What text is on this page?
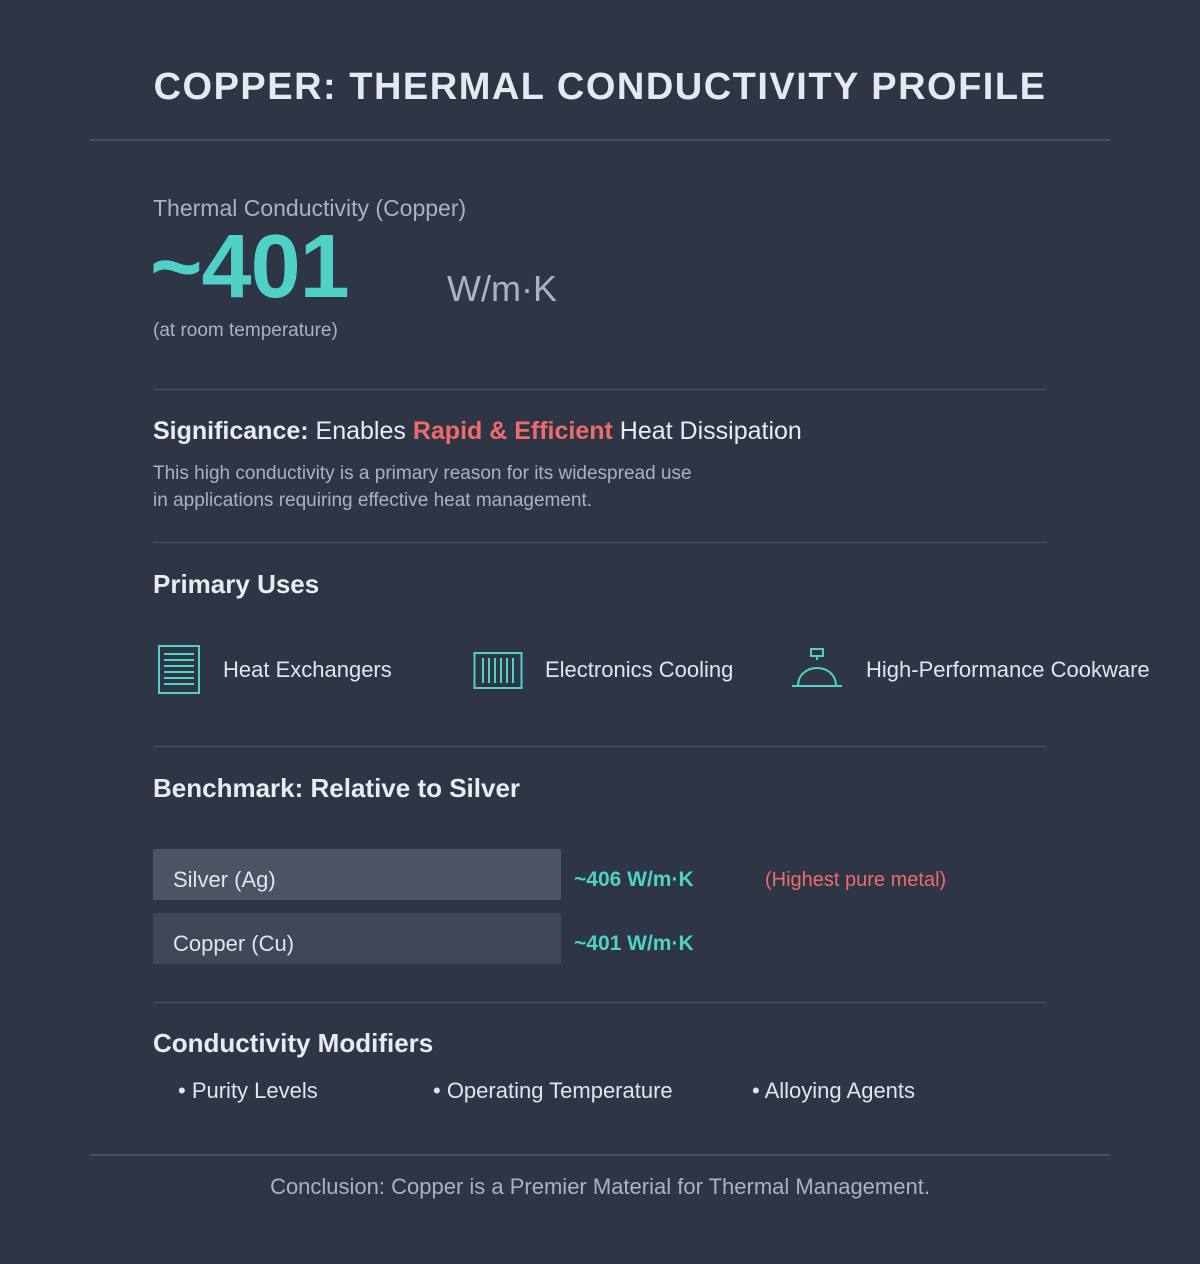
COPPER: THERMAL CONDUCTIVITY PROFILE
Thermal Conductivity (Copper)
~401	W/m·K
(at room temperature)
Significance: Enables Rapid & Efficient Heat Dissipation
This high conductivity is a primary reason for its widespread use
in applications requiring effective heat management.
Primary Uses
Heat Exchangers	Electronics Cooling	High-Performance Cookware
Benchmark: Relative to Silver
Silver (Ag)	~406 W/m·K	(Highest pure metal)
Copper (Cu)	~401 W/m·K
Conductivity Modifiers
• Purity Levels	• Operating Temperature	• Alloying Agents
Conclusion: Copper is a Premier Material for Thermal Management.
